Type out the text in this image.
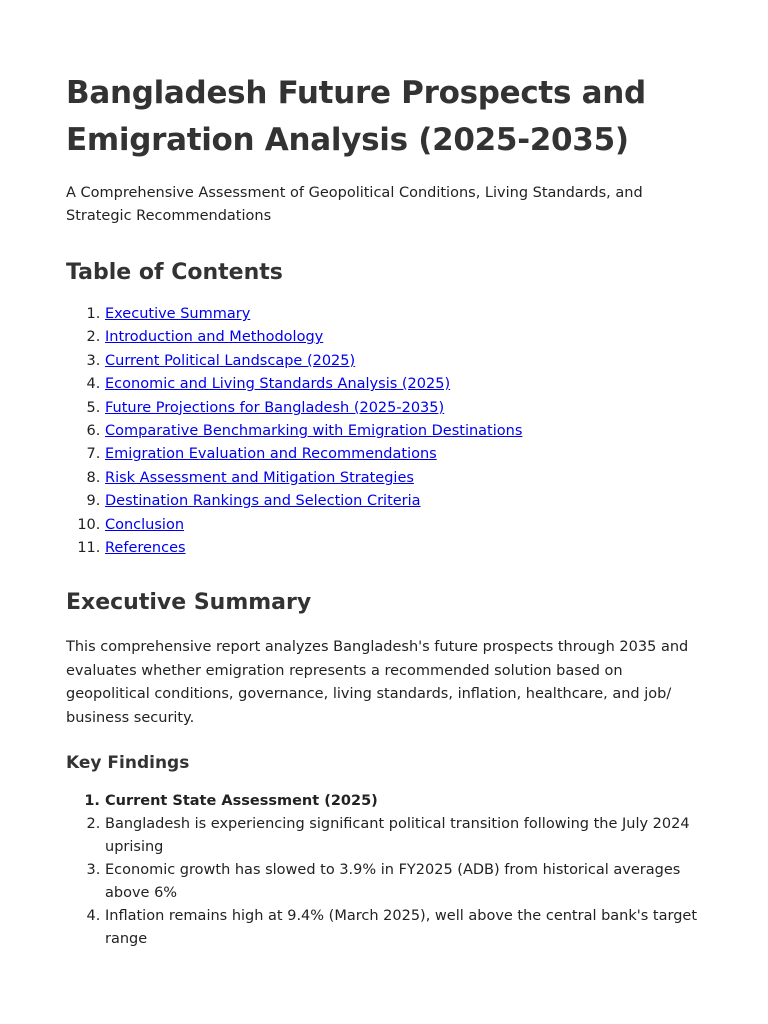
Bangladesh Future Prospects and Emigration Analysis (2025-2035)

A Comprehensive Assessment of Geopolitical Conditions, Living Standards, and Strategic Recommendations

Table of Contents
1. Executive Summary
2. Introduction and Methodology
3. Current Political Landscape (2025)
4. Economic and Living Standards Analysis (2025)
5. Future Projections for Bangladesh (2025-2035)
6. Comparative Benchmarking with Emigration Destinations
7. Emigration Evaluation and Recommendations
8. Risk Assessment and Mitigation Strategies
9. Destination Rankings and Selection Criteria
10. Conclusion
11. References
Executive Summary

This comprehensive report analyzes Bangladesh's future prospects through 2035 and evaluates whether emigration represents a recommended solution based on geopolitical conditions, governance, living standards, inflation, healthcare, and job/ business security.

Key Findings
1. Current State Assessment (2025)
2. Bangladesh is experiencing significant political transition following the July 2024 uprising
3. Economic growth has slowed to 3.9% in FY2025 (ADB) from historical averages above 6%
4. Inflation remains high at 9.4% (March 2025), well above the central bank's target range
